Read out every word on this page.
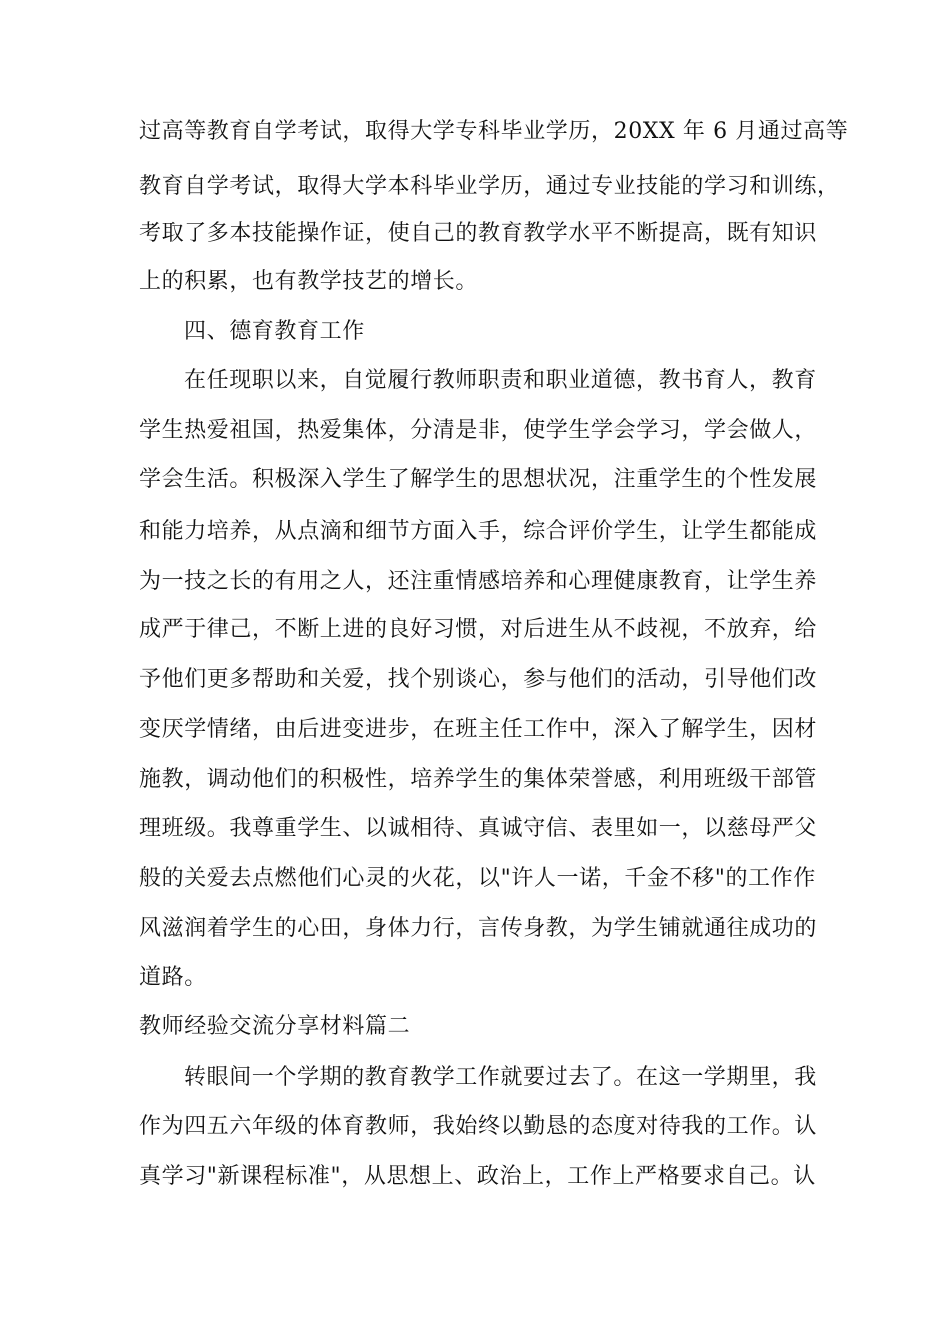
过高等教育自学考试，取得大学专科毕业学历，20XX 年 6 月通过高等
教育自学考试，取得大学本科毕业学历，通过专业技能的学习和训练，
考取了多本技能操作证，使自己的教育教学水平不断提高，既有知识
上的积累，也有教学技艺的增长。
四、德育教育工作
在任现职以来，自觉履行教师职责和职业道德，教书育人，教育
学生热爱祖国，热爱集体，分清是非，使学生学会学习，学会做人，
学会生活。积极深入学生了解学生的思想状况，注重学生的个性发展
和能力培养，从点滴和细节方面入手，综合评价学生，让学生都能成
为一技之长的有用之人，还注重情感培养和心理健康教育，让学生养
成严于律己，不断上进的良好习惯，对后进生从不歧视，不放弃，给
予他们更多帮助和关爱，找个别谈心，参与他们的活动，引导他们改
变厌学情绪，由后进变进步，在班主任工作中，深入了解学生，因材
施教，调动他们的积极性，培养学生的集体荣誉感，利用班级干部管
理班级。我尊重学生、以诚相待、真诚守信、表里如一，以慈母严父
般的关爱去点燃他们心灵的火花，以"许人一诺，千金不移"的工作作
风滋润着学生的心田，身体力行，言传身教，为学生铺就通往成功的
道路。
教师经验交流分享材料篇二
转眼间一个学期的教育教学工作就要过去了。在这一学期里，我
作为四五六年级的体育教师，我始终以勤恳的态度对待我的工作。认
真学习"新课程标准"，从思想上、政治上，工作上严格要求自己。认
